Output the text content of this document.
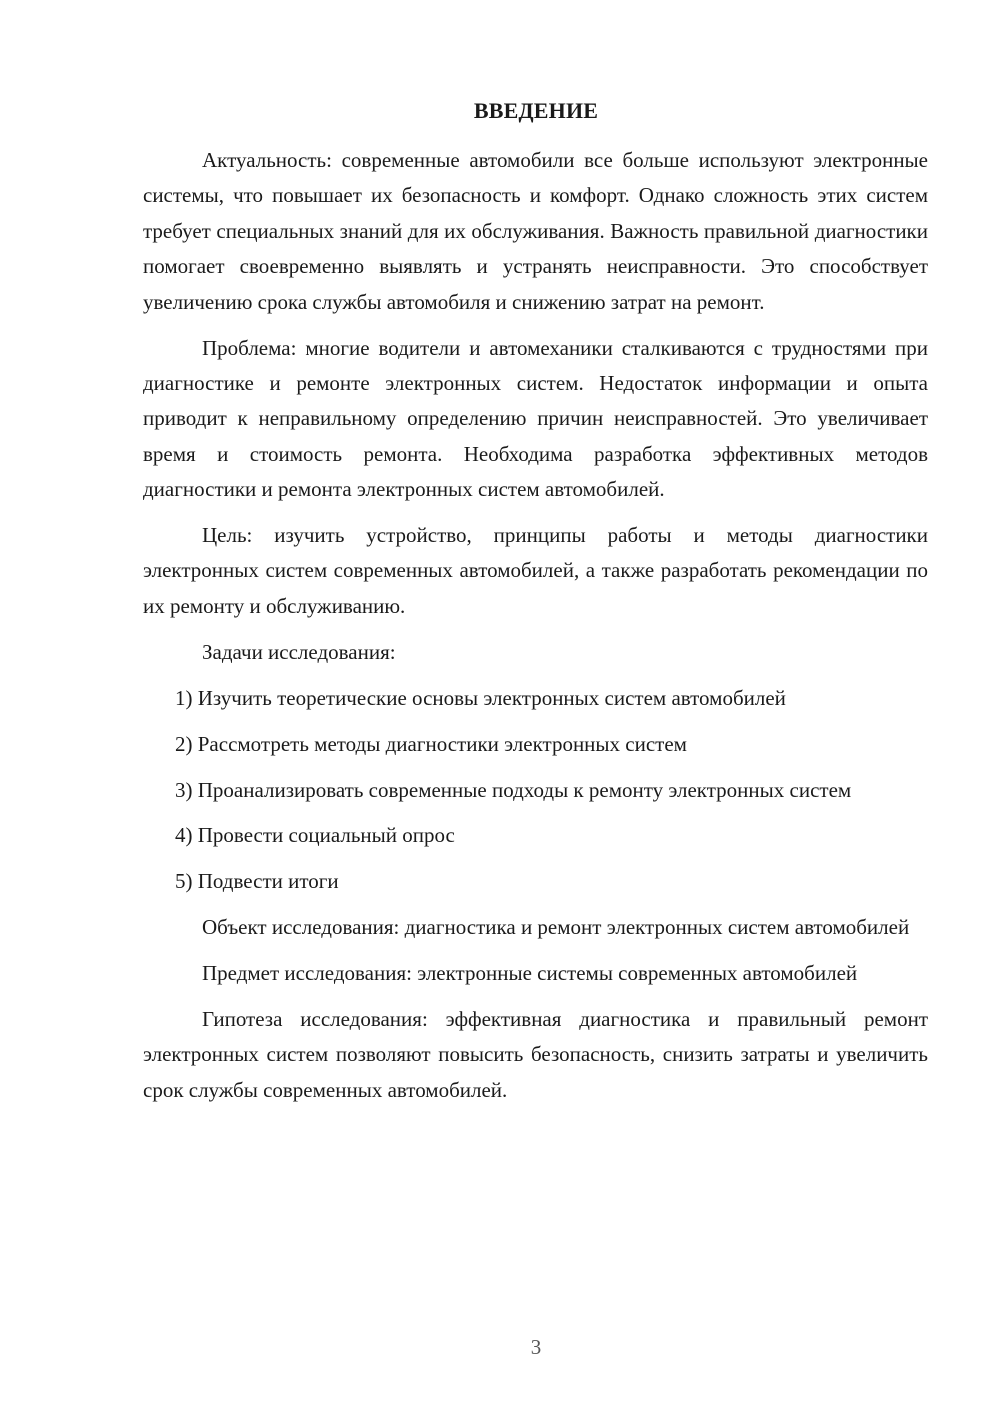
ВВЕДЕНИЕ

Актуальность: современные автомобили все больше используют электронные системы, что повышает их безопасность и комфорт. Однако сложность этих систем требует специальных знаний для их обслуживания. Важность правильной диагностики помогает своевременно выявлять и устранять неисправности. Это способствует увеличению срока службы автомобиля и снижению затрат на ремонт.

Проблема: многие водители и автомеханики сталкиваются с трудностями при диагностике и ремонте электронных систем. Недостаток информации и опыта приводит к неправильному определению причин неисправностей. Это увеличивает время и стоимость ремонта. Необходима разработка эффективных методов диагностики и ремонта электронных систем автомобилей.

Цель: изучить устройство, принципы работы и методы диагностики электронных систем современных автомобилей, а также разработать рекомендации по их ремонту и обслуживанию.

Задачи исследования:

1) Изучить теоретические основы электронных систем автомобилей

2) Рассмотреть методы диагностики электронных систем

3) Проанализировать современные подходы к ремонту электронных систем

4) Провести социальный опрос

5) Подвести итоги

Объект исследования: диагностика и ремонт электронных систем автомобилей

Предмет исследования: электронные системы современных автомобилей

Гипотеза исследования: эффективная диагностика и правильный ремонт электронных систем позволяют повысить безопасность, снизить затраты и увеличить срок службы современных автомобилей.

3
